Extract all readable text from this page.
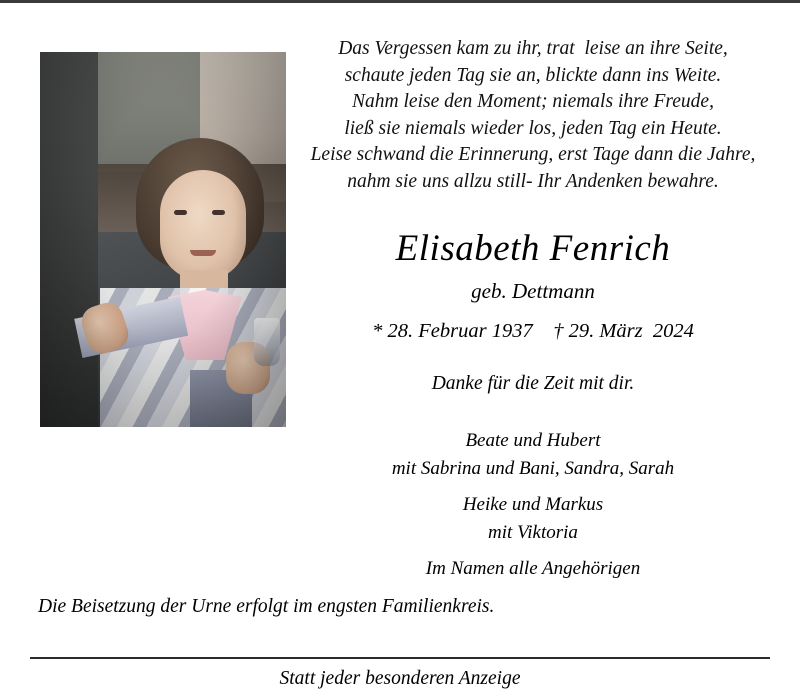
Das Vergessen kam zu ihr, trat  leise an ihre Seite,
schaute jeden Tag sie an, blickte dann ins Weite.
Nahm leise den Moment; niemals ihre Freude,
ließ sie niemals wieder los, jeden Tag ein Heute.
Leise schwand die Erinnerung, erst Tage dann die Jahre,
nahm sie uns allzu still- Ihr Andenken bewahre.
Elisabeth Fenrich
geb. Dettmann
* 28. Februar 1937    † 29. März  2024
Danke für die Zeit mit dir.
Beate und Hubert
mit Sabrina und Bani, Sandra, Sarah
Heike und Markus
mit Viktoria
Im Namen alle Angehörigen
Die Beisetzung der Urne erfolgt im engsten Familienkreis.
Statt jeder besonderen Anzeige
